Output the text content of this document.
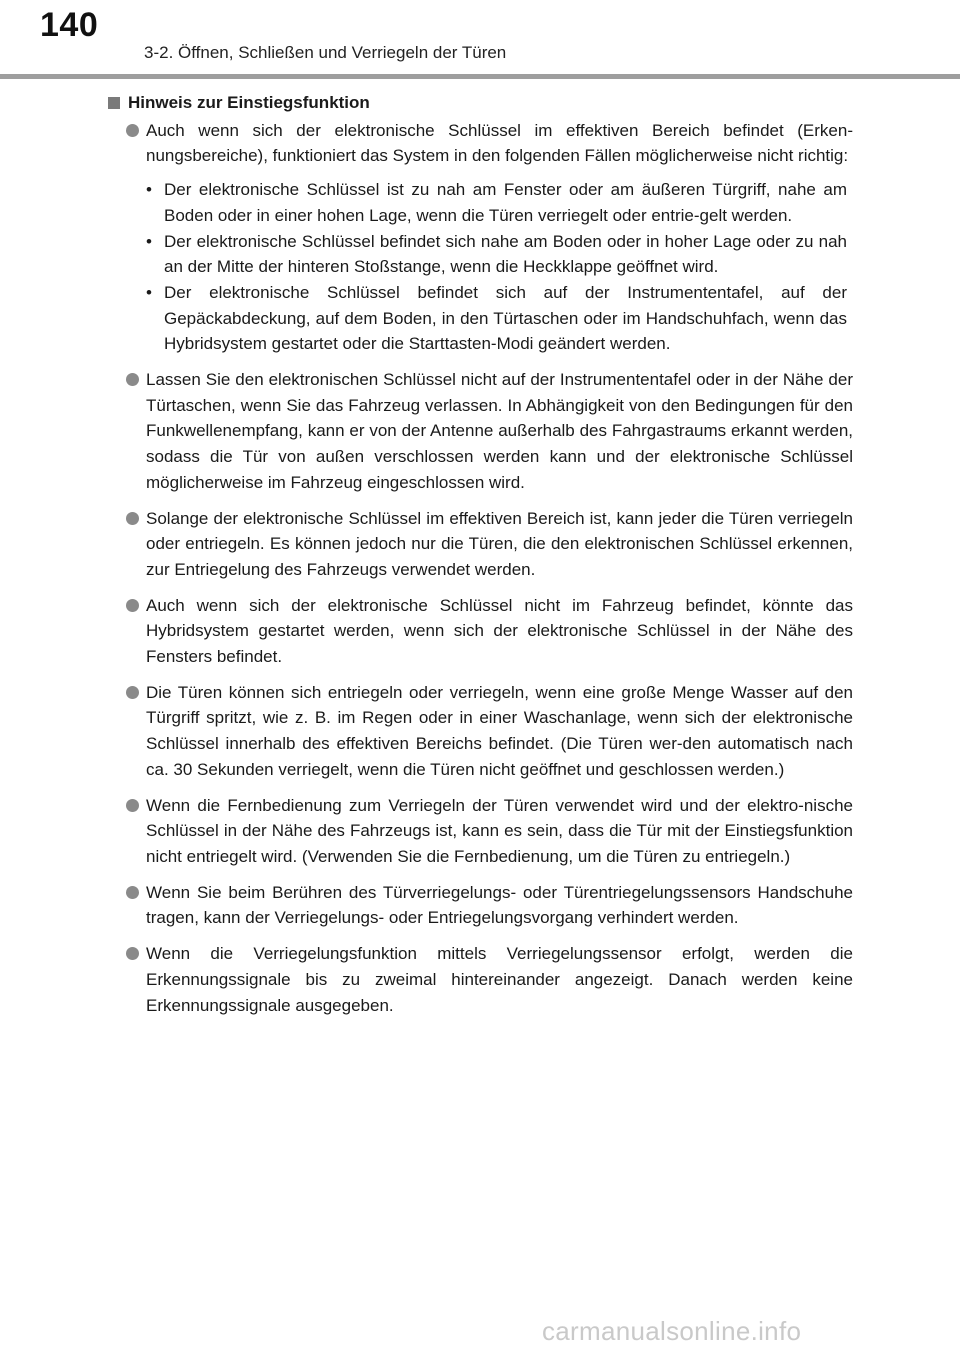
140
3-2. Öffnen, Schließen und Verriegeln der Türen
Hinweis zur Einstiegsfunktion
Auch wenn sich der elektronische Schlüssel im effektiven Bereich befindet (Erken-nungsbereiche), funktioniert das System in den folgenden Fällen möglicherweise nicht richtig:
• Der elektronische Schlüssel ist zu nah am Fenster oder am äußeren Türgriff, nahe am Boden oder in einer hohen Lage, wenn die Türen verriegelt oder entrie-gelt werden.
• Der elektronische Schlüssel befindet sich nahe am Boden oder in hoher Lage oder zu nah an der Mitte der hinteren Stoßstange, wenn die Heckklappe geöffnet wird.
• Der elektronische Schlüssel befindet sich auf der Instrumententafel, auf der Gepäckabdeckung, auf dem Boden, in den Türtaschen oder im Handschuhfach, wenn das Hybridsystem gestartet oder die Starttasten-Modi geändert werden.
Lassen Sie den elektronischen Schlüssel nicht auf der Instrumententafel oder in der Nähe der Türtaschen, wenn Sie das Fahrzeug verlassen. In Abhängigkeit von den Bedingungen für den Funkwellenempfang, kann er von der Antenne außerhalb des Fahrgastraums erkannt werden, sodass die Tür von außen verschlossen werden kann und der elektronische Schlüssel möglicherweise im Fahrzeug eingeschlossen wird.
Solange der elektronische Schlüssel im effektiven Bereich ist, kann jeder die Türen verriegeln oder entriegeln. Es können jedoch nur die Türen, die den elektronischen Schlüssel erkennen, zur Entriegelung des Fahrzeugs verwendet werden.
Auch wenn sich der elektronische Schlüssel nicht im Fahrzeug befindet, könnte das Hybridsystem gestartet werden, wenn sich der elektronische Schlüssel in der Nähe des Fensters befindet.
Die Türen können sich entriegeln oder verriegeln, wenn eine große Menge Wasser auf den Türgriff spritzt, wie z. B. im Regen oder in einer Waschanlage, wenn sich der elektronische Schlüssel innerhalb des effektiven Bereichs befindet. (Die Türen wer-den automatisch nach ca. 30 Sekunden verriegelt, wenn die Türen nicht geöffnet und geschlossen werden.)
Wenn die Fernbedienung zum Verriegeln der Türen verwendet wird und der elektro-nische Schlüssel in der Nähe des Fahrzeugs ist, kann es sein, dass die Tür mit der Einstiegsfunktion nicht entriegelt wird. (Verwenden Sie die Fernbedienung, um die Türen zu entriegeln.)
Wenn Sie beim Berühren des Türverriegelungs- oder Türentriegelungssensors Handschuhe tragen, kann der Verriegelungs- oder Entriegelungsvorgang verhindert werden.
Wenn die Verriegelungsfunktion mittels Verriegelungssensor erfolgt, werden die Erkennungssignale bis zu zweimal hintereinander angezeigt. Danach werden keine Erkennungssignale ausgegeben.
carmanualsonline.info
